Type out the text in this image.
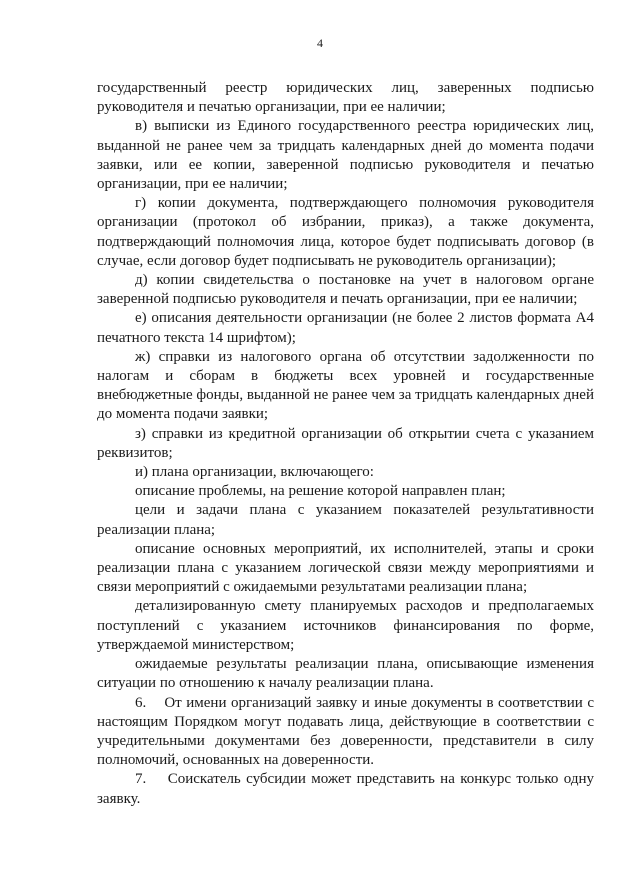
4

государственный реестр юридических лиц, заверенных подписью руководителя и печатью организации, при ее наличии;

в) выписки из Единого государственного реестра юридических лиц, выданной не ранее чем за тридцать календарных дней до момента подачи заявки, или ее копии, заверенной подписью руководителя и печатью организации, при ее наличии;

г) копии документа, подтверждающего полномочия руководителя организации (протокол об избрании, приказ), а также документа, подтверждающий полномочия лица, которое будет подписывать договор (в случае, если договор будет подписывать не руководитель организации);

д) копии свидетельства о постановке на учет в налоговом органе заверенной подписью руководителя и печать организации, при ее наличии;

е) описания деятельности организации (не более 2 листов формата А4 печатного текста 14 шрифтом);

ж) справки из налогового органа об отсутствии задолженности по налогам и сборам в бюджеты всех уровней и государственные внебюджетные фонды, выданной не ранее чем за тридцать календарных дней до момента подачи заявки;

з) справки из кредитной организации об открытии счета с указанием реквизитов;

и) плана организации, включающего:

описание проблемы, на решение которой направлен план;

цели и задачи плана с указанием показателей результативности реализации плана;

описание основных мероприятий, их исполнителей, этапы и сроки реализации плана с указанием логической связи между мероприятиями и связи мероприятий с ожидаемыми результатами реализации плана;

детализированную смету планируемых расходов и предполагаемых поступлений с указанием источников финансирования по форме, утверждаемой министерством;

ожидаемые результаты реализации плана, описывающие изменения ситуации по отношению к началу реализации плана.

6.    От имени организаций заявку и иные документы в соответствии с настоящим Порядком могут подавать лица, действующие в соответствии с учредительными документами без доверенности, представители в силу полномочий, основанных на доверенности.

7.    Соискатель субсидии может представить на конкурс только одну заявку.
